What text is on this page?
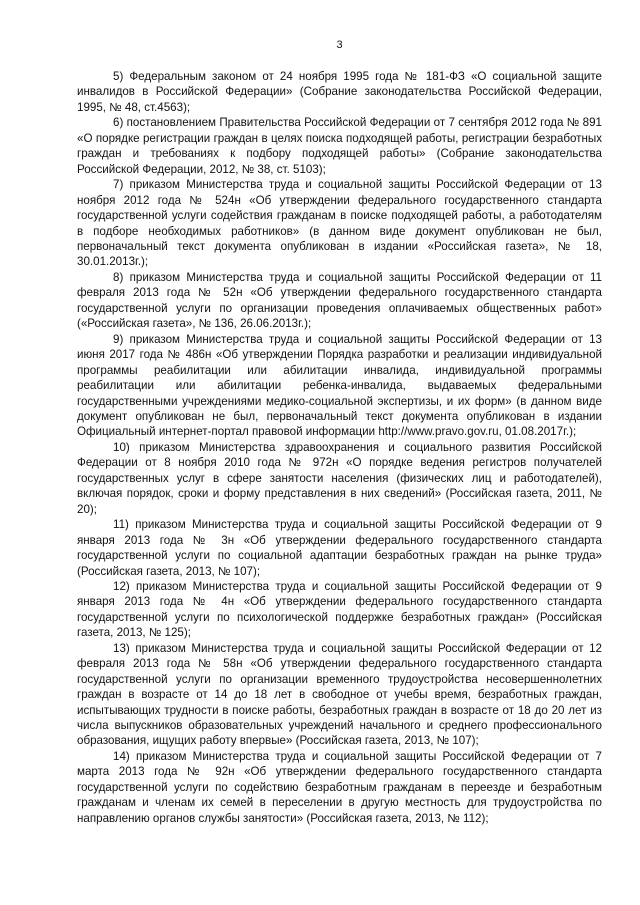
3

5) Федеральным законом от 24 ноября 1995 года № 181-ФЗ «О социальной защите инвалидов в Российской Федерации» (Собрание законодательства Российской Федерации, 1995, № 48, ст.4563);

6) постановлением Правительства Российской Федерации от 7 сентября 2012 года № 891 «О порядке регистрации граждан в целях поиска подходящей работы, регистрации безработных граждан и требованиях к подбору подходящей работы» (Собрание законодательства Российской Федерации, 2012, № 38, ст. 5103);

7) приказом Министерства труда и социальной защиты Российской Федерации от 13 ноября 2012 года № 524н «Об утверждении федерального государственного стандарта государственной услуги содействия гражданам в поиске подходящей работы, а работодателям в подборе необходимых работников» (в данном виде документ опубликован не был, первоначальный текст документа опубликован в издании «Российская газета», № 18, 30.01.2013г.);

8) приказом Министерства труда и социальной защиты Российской Федерации от 11 февраля 2013 года № 52н «Об утверждении федерального государственного стандарта государственной услуги по организации проведения оплачиваемых общественных работ» («Российская газета», № 136, 26.06.2013г.);

9) приказом Министерства труда и социальной защиты Российской Федерации от 13 июня 2017 года № 486н «Об утверждении Порядка разработки и реализации индивидуальной программы реабилитации или абилитации инвалида, индивидуальной программы реабилитации или абилитации ребенка-инвалида, выдаваемых федеральными государственными учреждениями медико-социальной экспертизы, и их форм» (в данном виде документ опубликован не был, первоначальный текст документа опубликован в издании Официальный интернет-портал правовой информации http://www.pravo.gov.ru, 01.08.2017г.);

10) приказом Министерства здравоохранения и социального развития Российской Федерации от 8 ноября 2010 года № 972н «О порядке ведения регистров получателей государственных услуг в сфере занятости населения (физических лиц и работодателей), включая порядок, сроки и форму представления в них сведений» (Российская газета, 2011, № 20);

11) приказом Министерства труда и социальной защиты Российской Федерации от 9 января 2013 года № 3н «Об утверждении федерального государственного стандарта государственной услуги по социальной адаптации безработных граждан на рынке труда» (Российская газета, 2013, № 107);

12) приказом Министерства труда и социальной защиты Российской Федерации от 9 января 2013 года № 4н «Об утверждении федерального государственного стандарта государственной услуги по психологической поддержке безработных граждан» (Российская газета, 2013, № 125);

13) приказом Министерства труда и социальной защиты Российской Федерации от 12 февраля 2013 года № 58н «Об утверждении федерального государственного стандарта государственной услуги по организации временного трудоустройства несовершеннолетних граждан в возрасте от 14 до 18 лет в свободное от учебы время, безработных граждан, испытывающих трудности в поиске работы, безработных граждан в возрасте от 18 до 20 лет из числа выпускников образовательных учреждений начального и среднего профессионального образования, ищущих работу впервые» (Российская газета, 2013, № 107);

14) приказом Министерства труда и социальной защиты Российской Федерации от 7 марта 2013 года № 92н «Об утверждении федерального государственного стандарта государственной услуги по содействию безработным гражданам в переезде и безработным гражданам и членам их семей в переселении в другую местность для трудоустройства по направлению органов службы занятости» (Российская газета, 2013, № 112);
